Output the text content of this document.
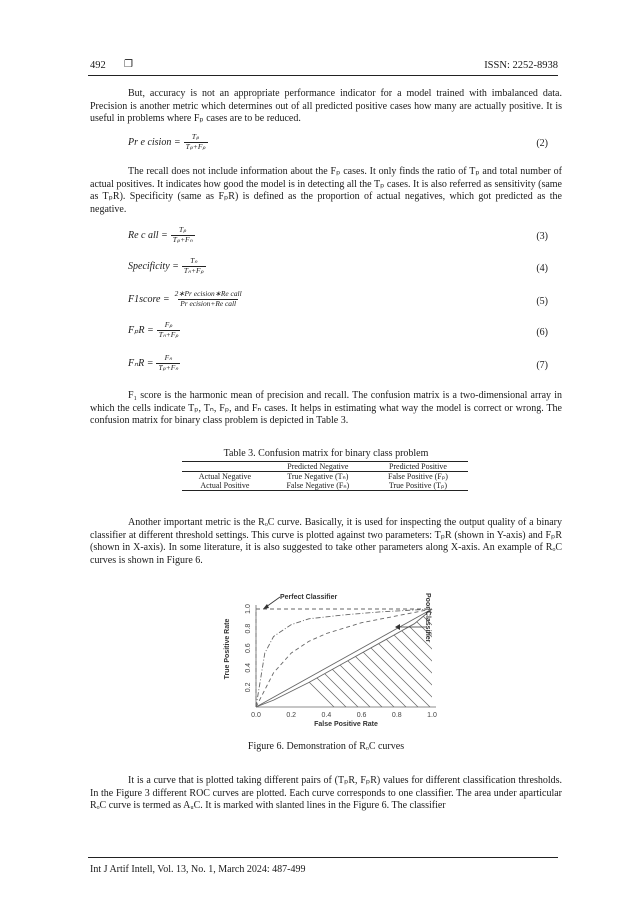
492 ❐	ISSN: 2252-8938

But, accuracy is not an appropriate performance indicator for a model trained with imbalanced data. Precision is another metric which determines out of all predicted positive cases how many are actually positive. It is useful in problems where Fₚ cases are to be reduced.

Pr e cision = $\frac{\text{Tₚ}}{\text{Tₚ+Fₚ}}$	(2)

The recall does not include information about the Fₚ cases. It only finds the ratio of Tₚ and total number of actual positives. It indicates how good the model is in detecting all the Tₚ cases. It is also referred as sensitivity (same as TₚR). Specificity (same as FₚR) is defined as the proportion of actual negatives, which got predicted as the negative.

Re c all = $\frac{\text{Tₚ}}{\text{Tₚ+Fₙ}}$	(3)
Specificity = $\frac{\text{Tₙ}}{\text{Tₙ+Fₚ}}$	(4)
F1score = $\frac{\text{2∗Pr ecision∗Re call}}{\text{Pr ecision+Re call}}$	(5)
$F_pR = \frac{\text{Fₚ}}{\text{Tₙ+Fₚ}}$	(6)
$F_nR = \frac{\text{Fₙ}}{\text{Tₚ+Fₙ}}$	(7)

F₁ score is the harmonic mean of precision and recall. The confusion matrix is a two-dimensional array in which the cells indicate Tₚ, Tₙ, Fₚ, and Fₙ cases. It helps in estimating what way the model is correct or wrong. The confusion matrix for binary class problem is depicted in Table 3.

Table 3. Confusion matrix for binary class problem
	Predicted Negative	Predicted Positive
Actual Negative	True Negative (Tₙ)	False Positive (Fₚ)
Actual Positive	False Negative (Fₙ)	True Positive (Tₚ)

Another important metric is the RₒC curve. Basically, it is used for inspecting the output quality of a binary classifier at different threshold settings. This curve is plotted against two parameters: TₚR (shown in Y-axis) and FₚR (shown in X-axis). In some literature, it is also suggested to take other parameters along X-axis. An example of RₒC curves is shown in Figure 6.

0.0	0.2	0.4	0.6	0.8	1.0
0.2
0.4
0.6
0.8
1.0
True Positive Rate
False Positive Rate
Perfect Classifier	Poor Classifier
Figure 6. Demonstration of RₒC curves

It is a curve that is plotted taking different pairs of (TₚR, FₚR) values for different classification thresholds. In the Figure 3 different ROC curves are plotted. Each curve corresponds to one classifier. The area under aparticular RₒC curve is termed as AᵤC. It is marked with slanted lines in the Figure 6. The classifier

Int J Artif Intell, Vol. 13, No. 1, March 2024: 487-499
